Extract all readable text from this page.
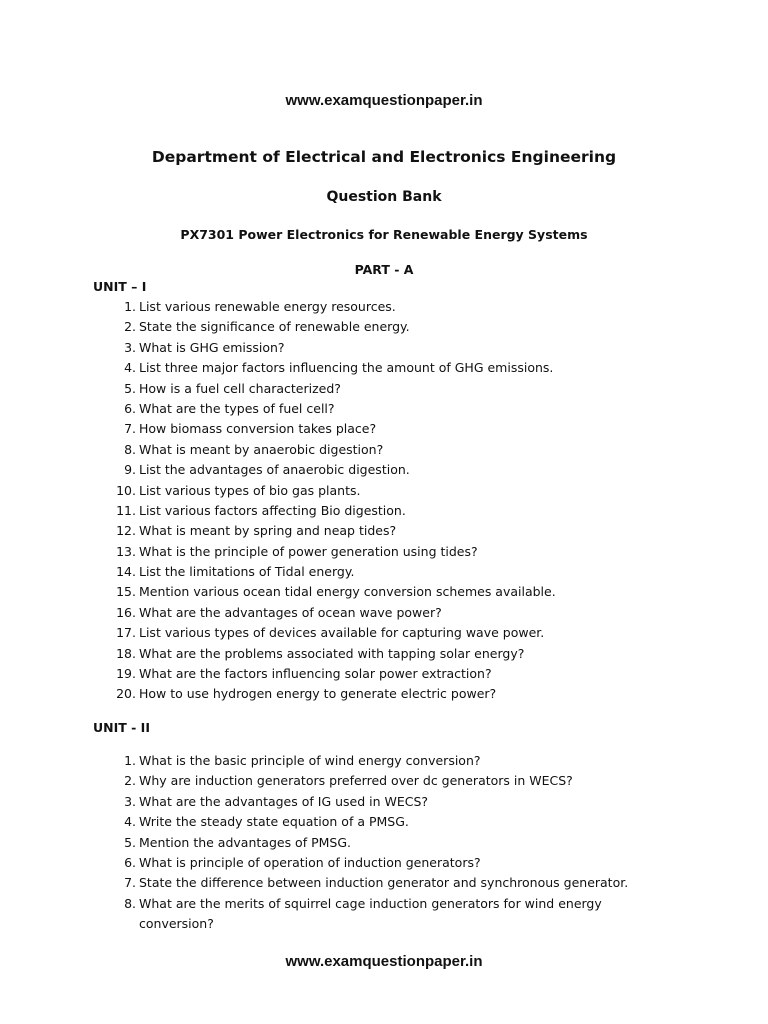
www.examquestionpaper.in
Department of Electrical and Electronics Engineering
Question Bank
PX7301 Power Electronics for Renewable Energy Systems
PART - A
UNIT – I
1. List various renewable energy resources.
2. State the significance of renewable energy.
3. What is GHG emission?
4. List three major factors influencing the amount of GHG emissions.
5. How is a fuel cell characterized?
6. What are the types of fuel cell?
7. How biomass conversion takes place?
8. What is meant by anaerobic digestion?
9. List the advantages of anaerobic digestion.
10. List various types of bio gas plants.
11. List various factors affecting Bio digestion.
12. What is meant by spring and neap tides?
13. What is the principle of power generation using tides?
14. List the limitations of Tidal energy.
15. Mention various ocean tidal energy conversion schemes available.
16. What are the advantages of ocean wave power?
17. List various types of devices available for capturing wave power.
18. What are the problems associated with tapping solar energy?
19. What are the factors influencing solar power extraction?
20. How to use hydrogen energy to generate electric power?
UNIT - II
1. What is the basic principle of wind energy conversion?
2. Why are induction generators preferred over dc generators in WECS?
3. What are the advantages of IG used in WECS?
4. Write the steady state equation of a PMSG.
5. Mention the advantages of PMSG.
6. What is principle of operation of induction generators?
7. State the difference between induction generator and synchronous generator.
8. What are the merits of squirrel cage induction generators for wind energy conversion?
www.examquestionpaper.in
